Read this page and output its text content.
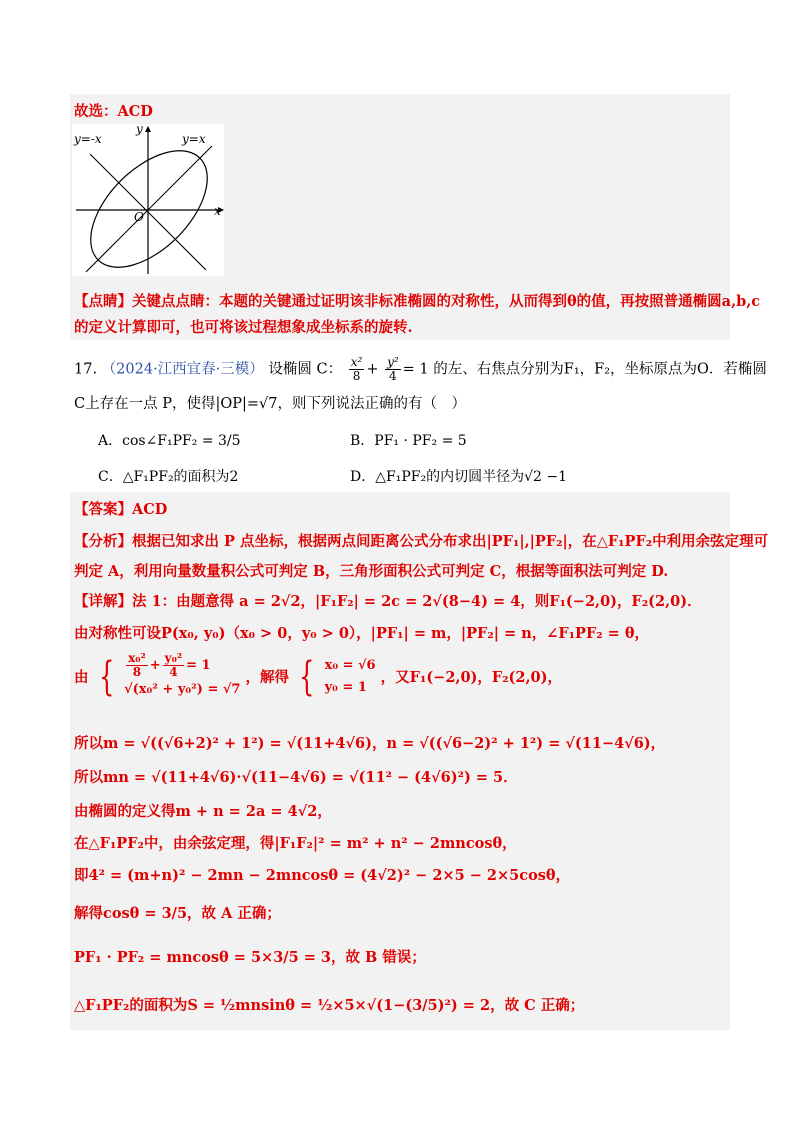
故选：ACD
y=-x	y=x
y
x
O
【点睛】关键点点睛：本题的关键通过证明该非标准椭圆的对称性，从而得到θ的值，再按照普通椭圆a,b,c
的定义计算即可，也可将该过程想象成坐标系的旋转.
17. （2024·江西宜春·三模） 设椭圆 C： $\frac{\text{x²}}{8} + \frac{\text{y²}}{4} = 1$ 的左、右焦点分别为F₁，F₂，坐标原点为O．若椭圆
C上存在一点 P，使得|OP|=√7，则下列说法正确的有（　）
A．cos∠F₁PF₂ = 3/5	B．PF₁ · PF₂ = 5
C．△F₁PF₂的面积为2	D．△F₁PF₂的内切圆半径为√2 −1
【答案】ACD
【分析】根据已知求出 P 点坐标，根据两点间距离公式分布求出|PF₁|,|PF₂|，在△F₁PF₂中利用余弦定理可
判定 A，利用向量数量积公式可判定 B，三角形面积公式可判定 C，根据等面积法可判定 D.
【详解】法 1：由题意得 a = 2√2，|F₁F₂| = 2c = 2√(8−4) = 4，则F₁(−2,0)，F₂(2,0)．
由对称性可设P(x₀, y₀)（x₀ > 0，y₀ > 0），|PF₁| = m，|PF₂| = n，∠F₁PF₂ = θ，
由 { $\frac{\text{x₀²}}{8} + \frac{\text{y₀²}}{4} = 1$
√(x₀² + y₀²) = √7
，解得 { x₀ = √6
y₀ = 1
，又F₁(−2,0)，F₂(2,0)，
所以m = √((√6+2)² + 1²) = √(11+4√6)，n = √((√6−2)² + 1²) = √(11−4√6)，
所以mn = √(11+4√6)·√(11−4√6) = √(11² − (4√6)²) = 5．
由椭圆的定义得m + n = 2a = 4√2，
在△F₁PF₂中，由余弦定理，得|F₁F₂|² = m² + n² − 2mncosθ，
即4² = (m+n)² − 2mn − 2mncosθ = (4√2)² − 2×5 − 2×5cosθ，
解得cosθ = 3/5，故 A 正确；
PF₁ · PF₂ = mncosθ = 5×3/5 = 3，故 B 错误；
△F₁PF₂的面积为S = ½mnsinθ = ½×5×√(1−(3/5)²) = 2，故 C 正确；
